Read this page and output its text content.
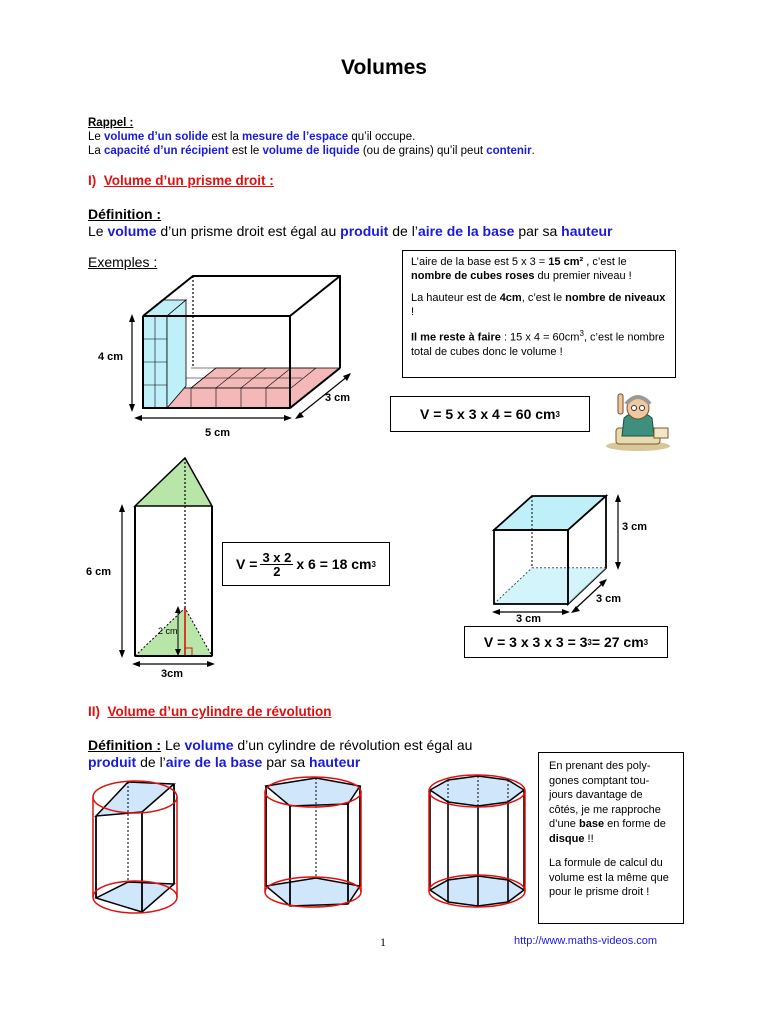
Volumes
Rappel :
Le volume d’un solide est la mesure de l’espace qu’il occupe.
La capacité d’un récipient est le volume de liquide (ou de grains) qu’il peut contenir.
I) Volume d’un prisme droit :
Définition :
Le volume d’un prisme droit est égal au produit de l’aire de la base par sa hauteur
Exemples :	L’aire de la base est 5 x 3 = 15 cm² , c’est le nombre de cubes roses du premier niveau !
La hauteur est de 4cm, c’est le nombre de niveaux !
Il me reste à faire : 15 x $4 = 60cm^3$, c’est le nombre total de cubes donc le volume !
V = 5 x 3 x 4 = 60 cm 3
4 cm
5 cm
3 cm
6 cm
3cm
2 cm
$V = \frac{3 x 2}{2}$ x 6 = 18 cm 3
3 cm
3 cm
3 cm
V = 3 x 3 x 3 = 3 3 = 27 cm 3
II) Volume d’un cylindre de révolution
Définition : Le volume d’un cylindre de révolution est égal au
produit de l’aire de la base par sa hauteur	En prenant des poly- gones comptant tou- jours davantage de côtés, je me rapproche d’une base en forme de disque !!
La formule de calcul du volume est la même que pour le prisme droit !
1	http://www.maths-videos.com
